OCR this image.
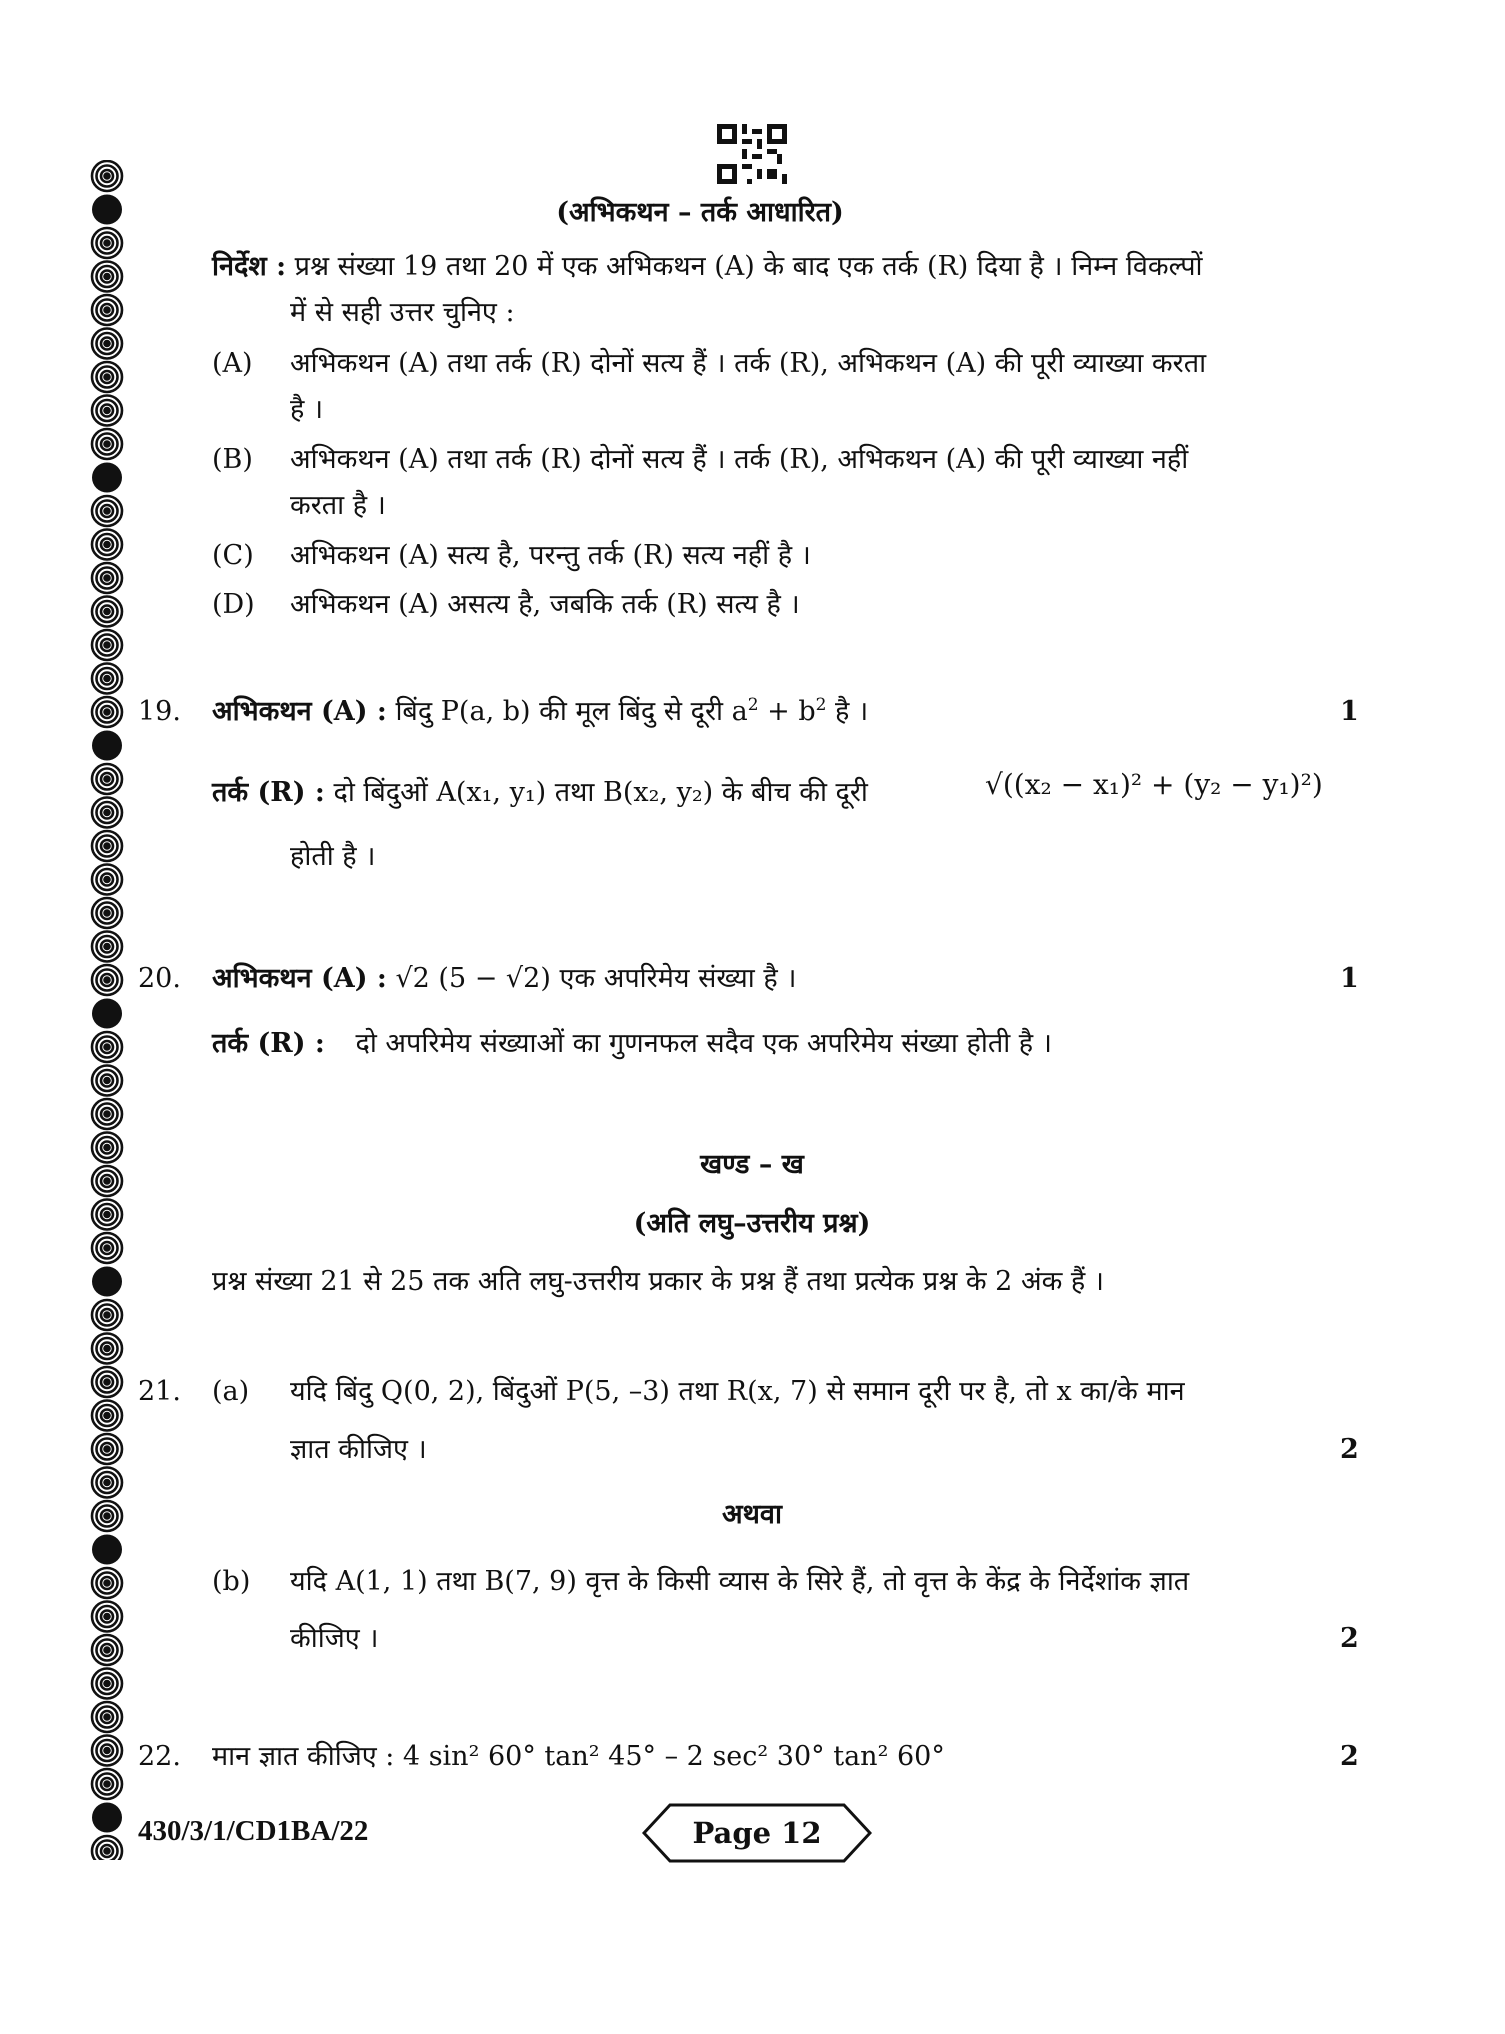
(अभिकथन – तर्क आधारित)
निर्देश : प्रश्न संख्या 19 तथा 20 में एक अभिकथन (A) के बाद एक तर्क (R) दिया है । निम्न विकल्पों
में से सही उत्तर चुनिए :
(A) अभिकथन (A) तथा तर्क (R) दोनों सत्य हैं । तर्क (R), अभिकथन (A) की पूरी व्याख्या करता
है ।
(B) अभिकथन (A) तथा तर्क (R) दोनों सत्य हैं । तर्क (R), अभिकथन (A) की पूरी व्याख्या नहीं
करता है ।
(C) अभिकथन (A) सत्य है, परन्तु तर्क (R) सत्य नहीं है ।
(D) अभिकथन (A) असत्य है, जबकि तर्क (R) सत्य है ।
19. अभिकथन (A) : बिंदु P(a, b) की मूल बिंदु से दूरी $a^2 + b^2$ है ।	1
तर्क (R) : दो बिंदुओं A(x₁, y₁) तथा B(x₂, y₂) के बीच की दूरी	√((x₂ − x₁)² + (y₂ − y₁)²)
होती है ।
20. अभिकथन (A) : √2 (5 − √2) एक अपरिमेय संख्या है ।	1
तर्क (R) : दो अपरिमेय संख्याओं का गुणनफल सदैव एक अपरिमेय संख्या होती है ।
खण्ड – ख
(अति लघु–उत्तरीय प्रश्न)
प्रश्न संख्या 21 से 25 तक अति लघु-उत्तरीय प्रकार के प्रश्न हैं तथा प्रत्येक प्रश्न के 2 अंक हैं ।
21. (a) यदि बिंदु Q(0, 2), बिंदुओं P(5, –3) तथा R(x, 7) से समान दूरी पर है, तो x का/के मान
ज्ञात कीजिए ।	2
अथवा
(b) यदि A(1, 1) तथा B(7, 9) वृत्त के किसी व्यास के सिरे हैं, तो वृत्त के केंद्र के निर्देशांक ज्ञात
कीजिए ।	2
22. मान ज्ञात कीजिए : 4 sin² 60° tan² 45° – 2 sec² 30° tan² 60°	2
430/3/1/CD1BA/22	Page 12
